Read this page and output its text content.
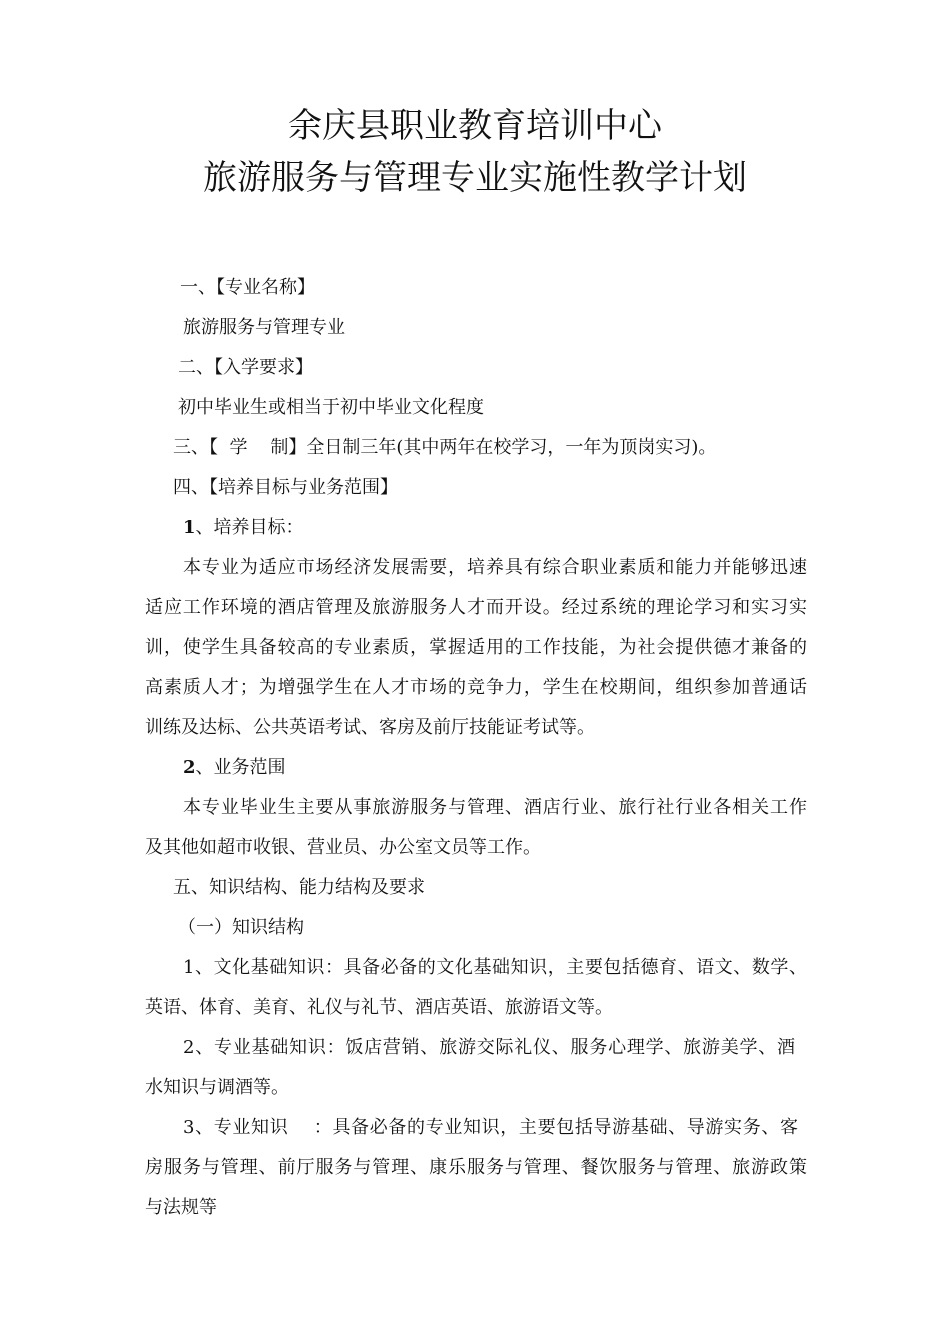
余庆县职业教育培训中心
旅游服务与管理专业实施性教学计划

一、【专业名称】

旅游服务与管理专业

二、【入学要求】

初中毕业生或相当于初中毕业文化程度

三、【  学    制】全日制三年(其中两年在校学习，一年为顶岗实习)。

四、【培养目标与业务范围】

1、培养目标：

本专业为适应市场经济发展需要，培养具有综合职业素质和能力并能够迅速

适应工作环境的酒店管理及旅游服务人才而开设。经过系统的理论学习和实习实

训，使学生具备较高的专业素质，掌握适用的工作技能，为社会提供德才兼备的

高素质人才；为增强学生在人才市场的竞争力，学生在校期间，组织参加普通话

训练及达标、公共英语考试、客房及前厅技能证考试等。

2、业务范围

本专业毕业生主要从事旅游服务与管理、酒店行业、旅行社行业各相关工作

及其他如超市收银、营业员、办公室文员等工作。

五、知识结构、能力结构及要求

（一）知识结构

1、文化基础知识：具备必备的文化基础知识，主要包括德育、语文、数学、

英语、体育、美育、礼仪与礼节、酒店英语、旅游语文等。

2、专业基础知识：饭店营销、旅游交际礼仪、服务心理学、旅游美学、酒

水知识与调酒等。

3、专业知识    ：具备必备的专业知识，主要包括导游基础、导游实务、客

房服务与管理、前厅服务与管理、康乐服务与管理、餐饮服务与管理、旅游政策

与法规等
